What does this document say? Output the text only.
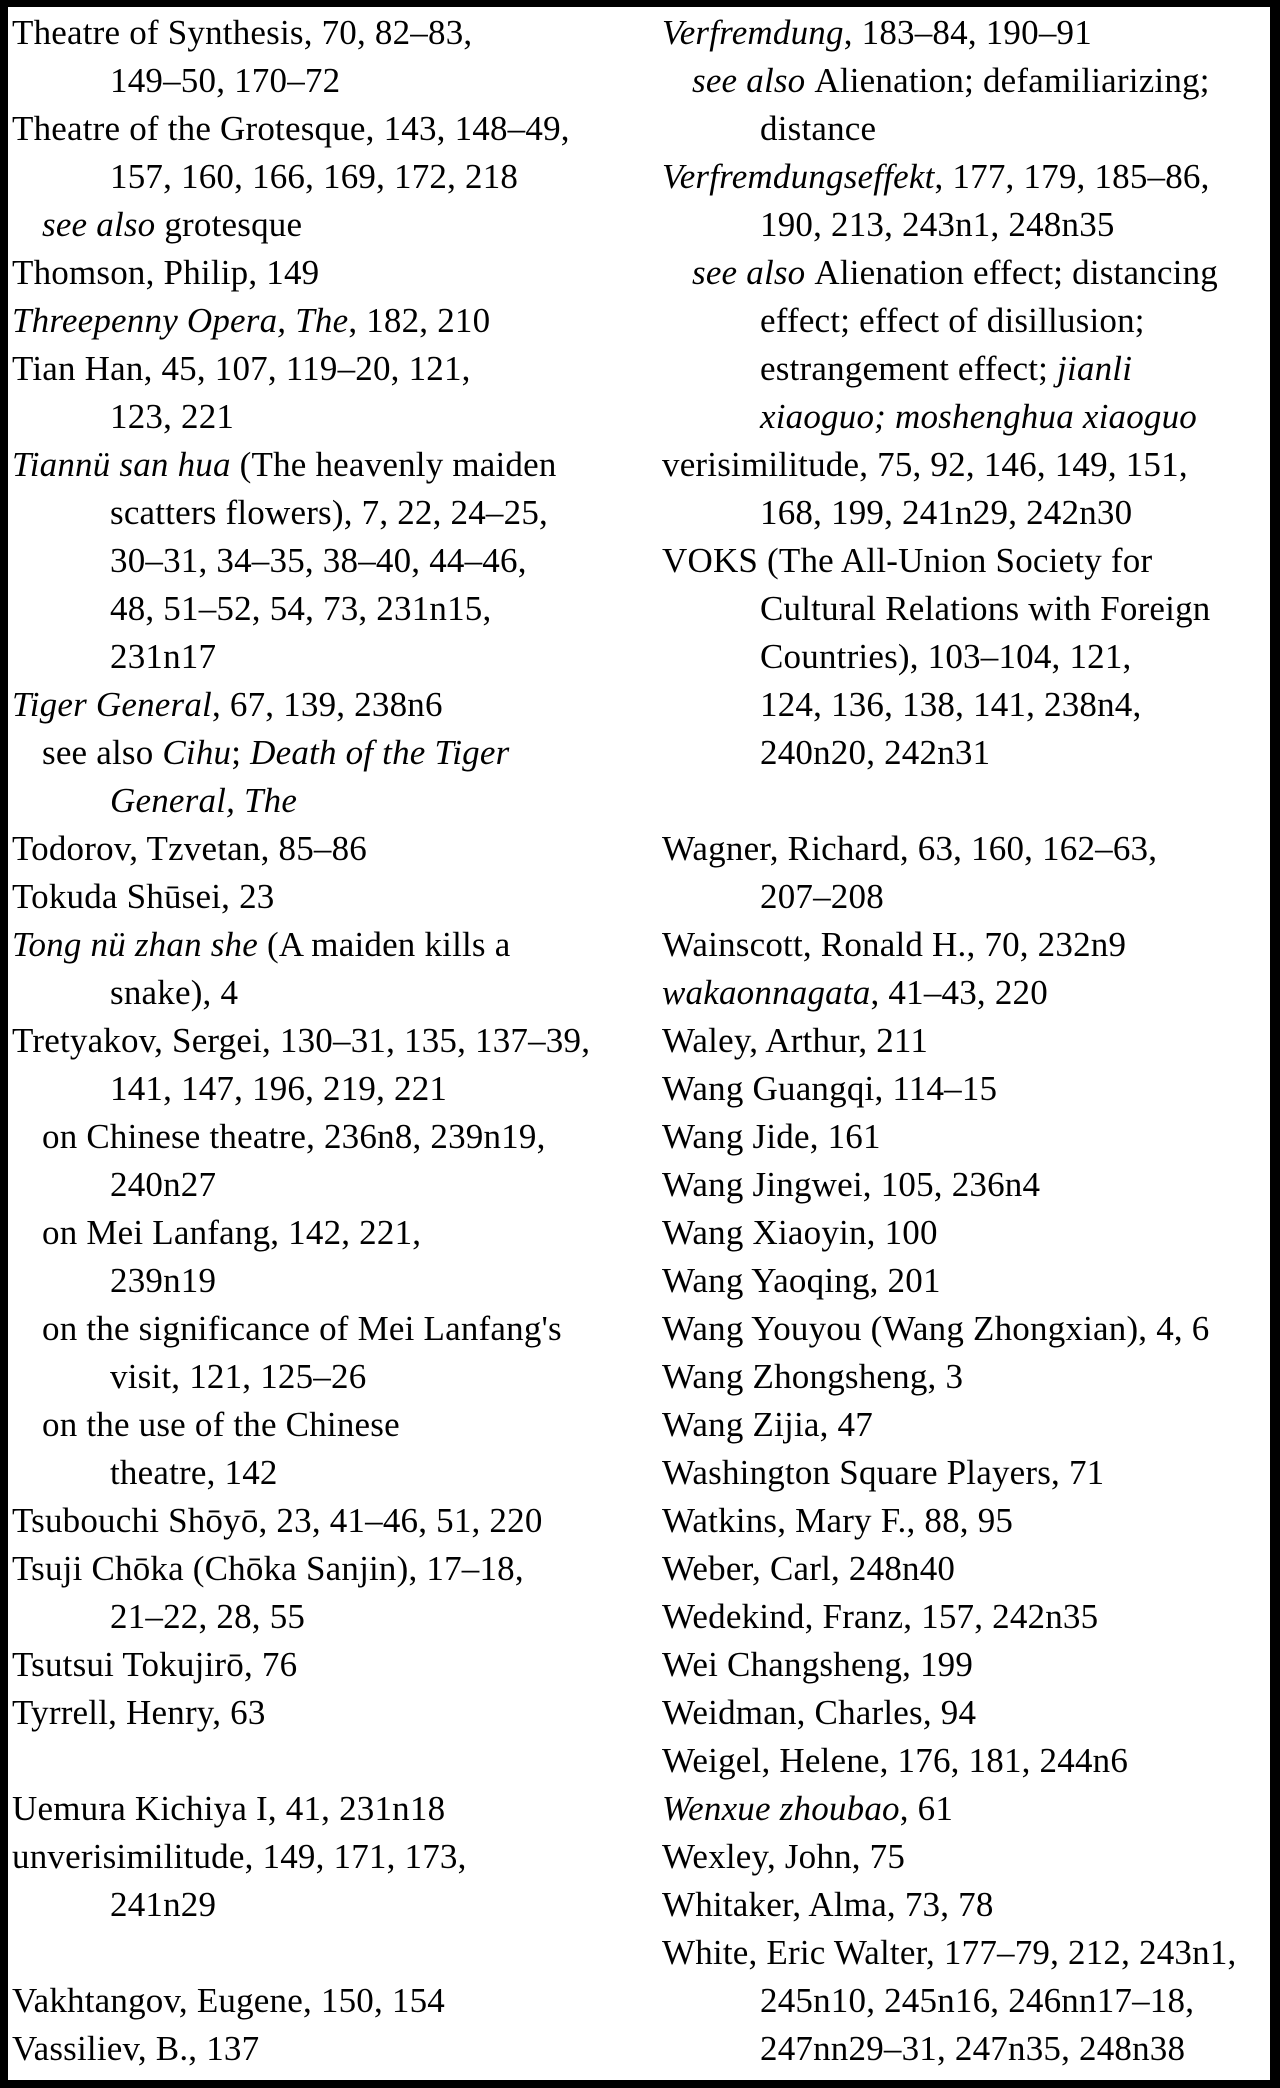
Theatre of Synthesis, 70, 82–83,
149–50, 170–72
Theatre of the Grotesque, 143, 148–49,
157, 160, 166, 169, 172, 218
see also grotesque
Thomson, Philip, 149
Threepenny Opera, The, 182, 210
Tian Han, 45, 107, 119–20, 121,
123, 221
Tiannü san hua (The heavenly maiden
scatters flowers), 7, 22, 24–25,
30–31, 34–35, 38–40, 44–46,
48, 51–52, 54, 73, 231n15,
231n17
Tiger General, 67, 139, 238n6
see also Cihu; Death of the Tiger
General, The
Todorov, Tzvetan, 85–86
Tokuda Shūsei, 23
Tong nü zhan she (A maiden kills a
snake), 4
Tretyakov, Sergei, 130–31, 135, 137–39,
141, 147, 196, 219, 221
on Chinese theatre, 236n8, 239n19,
240n27
on Mei Lanfang, 142, 221,
239n19
on the significance of Mei Lanfang's
visit, 121, 125–26
on the use of the Chinese
theatre, 142
Tsubouchi Shōyō, 23, 41–46, 51, 220
Tsuji Chōka (Chōka Sanjin), 17–18,
21–22, 28, 55
Tsutsui Tokujirō, 76
Tyrrell, Henry, 63
Uemura Kichiya I, 41, 231n18
unverisimilitude, 149, 171, 173,
241n29
Vakhtangov, Eugene, 150, 154
Vassiliev, B., 137
Verfremdung, 183–84, 190–91
see also Alienation; defamiliarizing;
distance
Verfremdungseffekt, 177, 179, 185–86,
190, 213, 243n1, 248n35
see also Alienation effect; distancing
effect; effect of disillusion;
estrangement effect; jianli
xiaoguo; moshenghua xiaoguo
verisimilitude, 75, 92, 146, 149, 151,
168, 199, 241n29, 242n30
VOKS (The All-Union Society for
Cultural Relations with Foreign
Countries), 103–104, 121,
124, 136, 138, 141, 238n4,
240n20, 242n31
Wagner, Richard, 63, 160, 162–63,
207–208
Wainscott, Ronald H., 70, 232n9
wakaonnagata, 41–43, 220
Waley, Arthur, 211
Wang Guangqi, 114–15
Wang Jide, 161
Wang Jingwei, 105, 236n4
Wang Xiaoyin, 100
Wang Yaoqing, 201
Wang Youyou (Wang Zhongxian), 4, 6
Wang Zhongsheng, 3
Wang Zijia, 47
Washington Square Players, 71
Watkins, Mary F., 88, 95
Weber, Carl, 248n40
Wedekind, Franz, 157, 242n35
Wei Changsheng, 199
Weidman, Charles, 94
Weigel, Helene, 176, 181, 244n6
Wenxue zhoubao, 61
Wexley, John, 75
Whitaker, Alma, 73, 78
White, Eric Walter, 177–79, 212, 243n1,
245n10, 245n16, 246nn17–18,
247nn29–31, 247n35, 248n38
